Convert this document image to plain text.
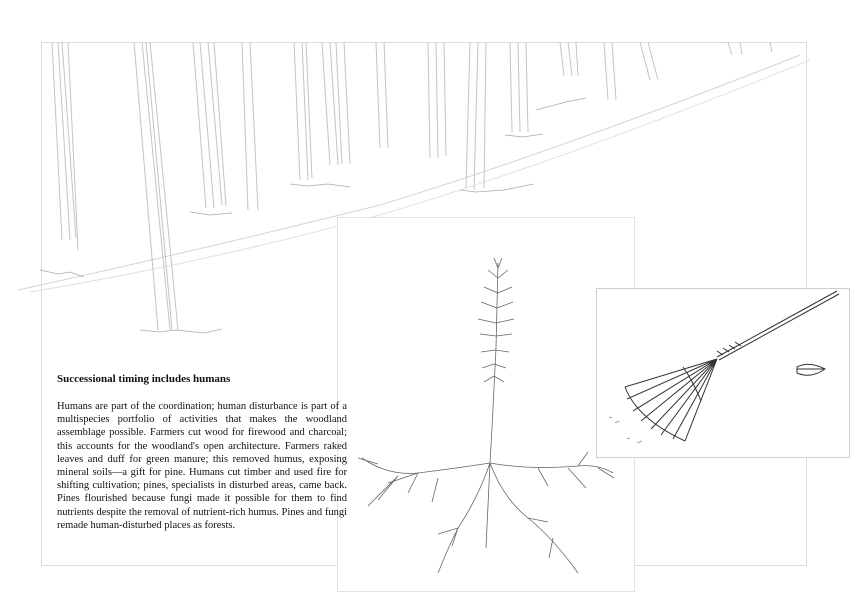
Successional timing includes humans

Humans are part of the coordination; human disturbance is part of a multispecies portfolio of activities that makes the woodland assemblage possible. Farmers cut wood for firewood and charcoal; this accounts for the woodland's open architecture. Farmers raked leaves and duff for green manure; this removed humus, exposing mineral soils—a gift for pine. Humans cut timber and used fire for shifting cultivation; pines, specialists in disturbed areas, came back. Pines flourished because fungi made it possible for them to find nutrients despite the removal of nutrient-rich humus. Pines and fungi remade human-disturbed places as forests.
